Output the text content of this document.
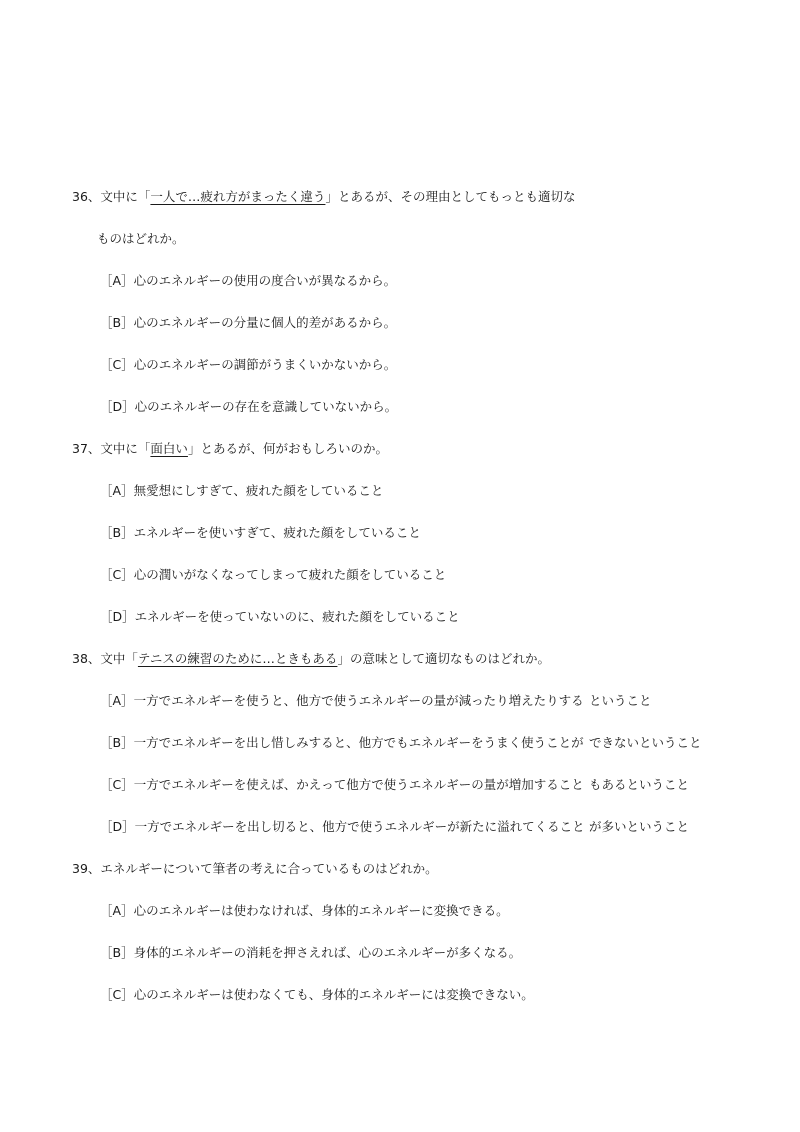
36、文中に「一人で…疲れ方がまったく違う」とあるが、その理由としてもっとも適切な
ものはどれか。
［A］心のエネルギーの使用の度合いが異なるから。
［B］心のエネルギーの分量に個人的差があるから。
［C］心のエネルギーの調節がうまくいかないから。
［D］心のエネルギーの存在を意識していないから。
37、文中に「面白い」とあるが、何がおもしろいのか。
［A］無愛想にしすぎて、疲れた顔をしていること
［B］エネルギーを使いすぎて、疲れた顔をしていること
［C］心の潤いがなくなってしまって疲れた顔をしていること
［D］エネルギーを使っていないのに、疲れた顔をしていること
38、文中「テニスの練習のために…ときもある」の意味として適切なものはどれか。
［A］一方でエネルギーを使うと、他方で使うエネルギーの量が減ったり増えたりする ということ
［B］一方でエネルギーを出し惜しみすると、他方でもエネルギーをうまく使うことが できないということ
［C］一方でエネルギーを使えば、かえって他方で使うエネルギーの量が増加すること もあるということ
［D］一方でエネルギーを出し切ると、他方で使うエネルギーが新たに溢れてくること が多いということ
39、エネルギーについて筆者の考えに合っているものはどれか。
［A］心のエネルギーは使わなければ、身体的エネルギーに変換できる。
［B］身体的エネルギーの消耗を押さえれば、心のエネルギーが多くなる。
［C］心のエネルギーは使わなくても、身体的エネルギーには変換できない。
